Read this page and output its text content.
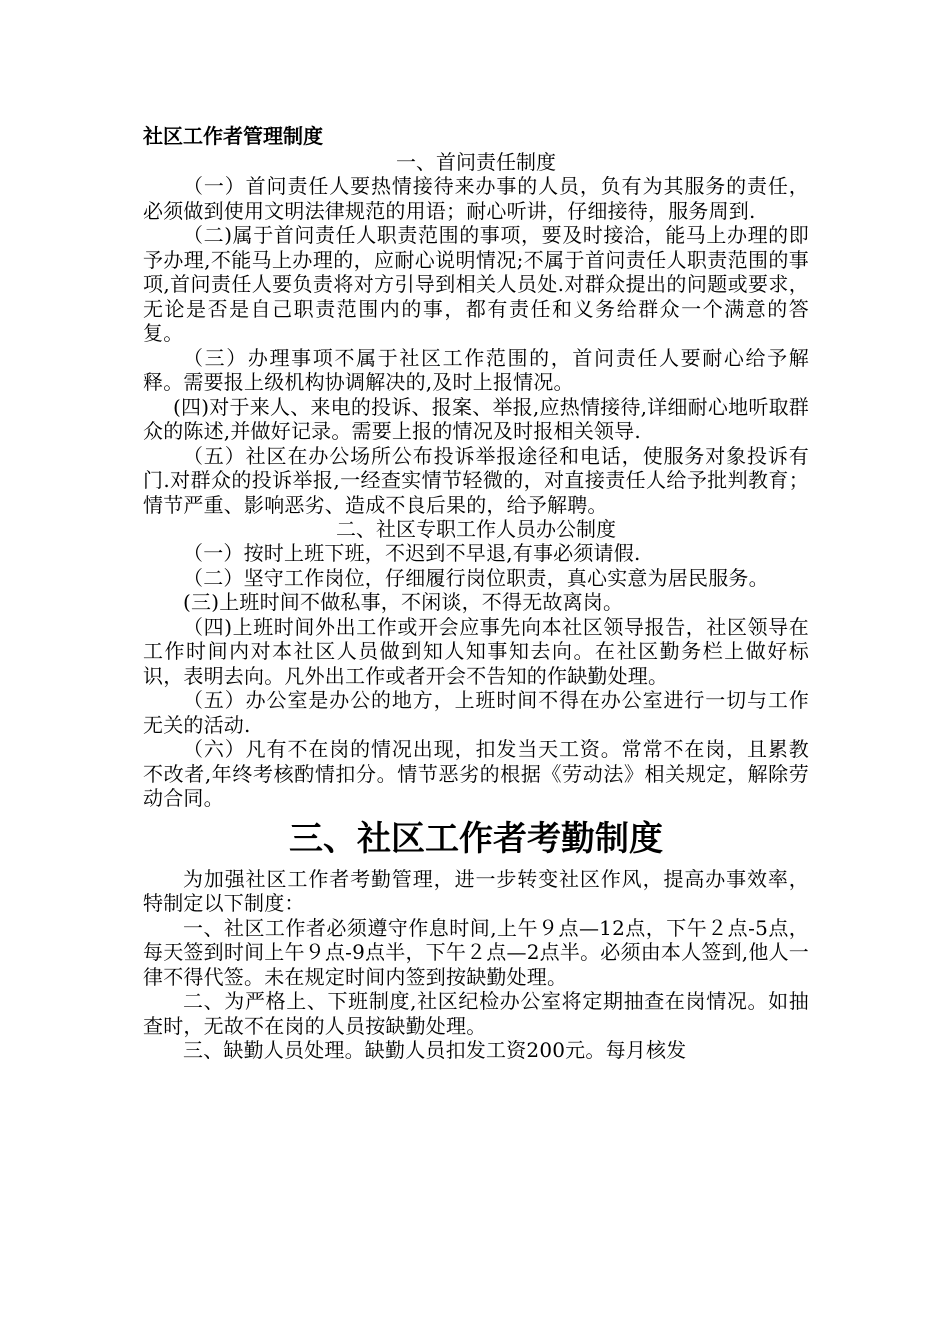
社区工作者管理制度
一、首问责任制度

（一）首问责任人要热情接待来办事的人员，负有为其服务的责任，必须做到使用文明法律规范的用语；耐心听讲，仔细接待，服务周到.

（二)属于首问责任人职责范围的事项，要及时接洽，能马上办理的即予办理,不能马上办理的，应耐心说明情况;不属于首问责任人职责范围的事项,首问责任人要负责将对方引导到相关人员处.对群众提出的问题或要求，无论是否是自己职责范围内的事，都有责任和义务给群众一个满意的答复。

（三）办理事项不属于社区工作范围的，首问责任人要耐心给予解释。需要报上级机构协调解决的,及时上报情况。

(四)对于来人、来电的投诉、报案、举报,应热情接待,详细耐心地听取群众的陈述,并做好记录。需要上报的情况及时报相关领导.

（五）社区在办公场所公布投诉举报途径和电话，使服务对象投诉有门.对群众的投诉举报,一经查实情节轻微的，对直接责任人给予批判教育；情节严重、影响恶劣、造成不良后果的，给予解聘。

二、社区专职工作人员办公制度

（一）按时上班下班，不迟到不早退,有事必须请假.

（二）坚守工作岗位，仔细履行岗位职责，真心实意为居民服务。

(三)上班时间不做私事，不闲谈，不得无故离岗。

（四)上班时间外出工作或开会应事先向本社区领导报告，社区领导在工作时间内对本社区人员做到知人知事知去向。在社区勤务栏上做好标识，表明去向。凡外出工作或者开会不告知的作缺勤处理。

（五）办公室是办公的地方，上班时间不得在办公室进行一切与工作无关的活动.

（六）凡有不在岗的情况出现，扣发当天工资。常常不在岗，且累教不改者,年终考核酌情扣分。情节恶劣的根据《劳动法》相关规定，解除劳动合同。

三、社区工作者考勤制度

为加强社区工作者考勤管理，进一步转变社区作风，提高办事效率，特制定以下制度：

一、社区工作者必须遵守作息时间,上午９点—12点，下午２点-5点，每天签到时间上午９点-9点半，下午２点—2点半。必须由本人签到,他人一律不得代签。未在规定时间内签到按缺勤处理。

二、为严格上、下班制度,社区纪检办公室将定期抽查在岗情况。如抽查时，无故不在岗的人员按缺勤处理。

三、缺勤人员处理。缺勤人员扣发工资200元。每月核发
